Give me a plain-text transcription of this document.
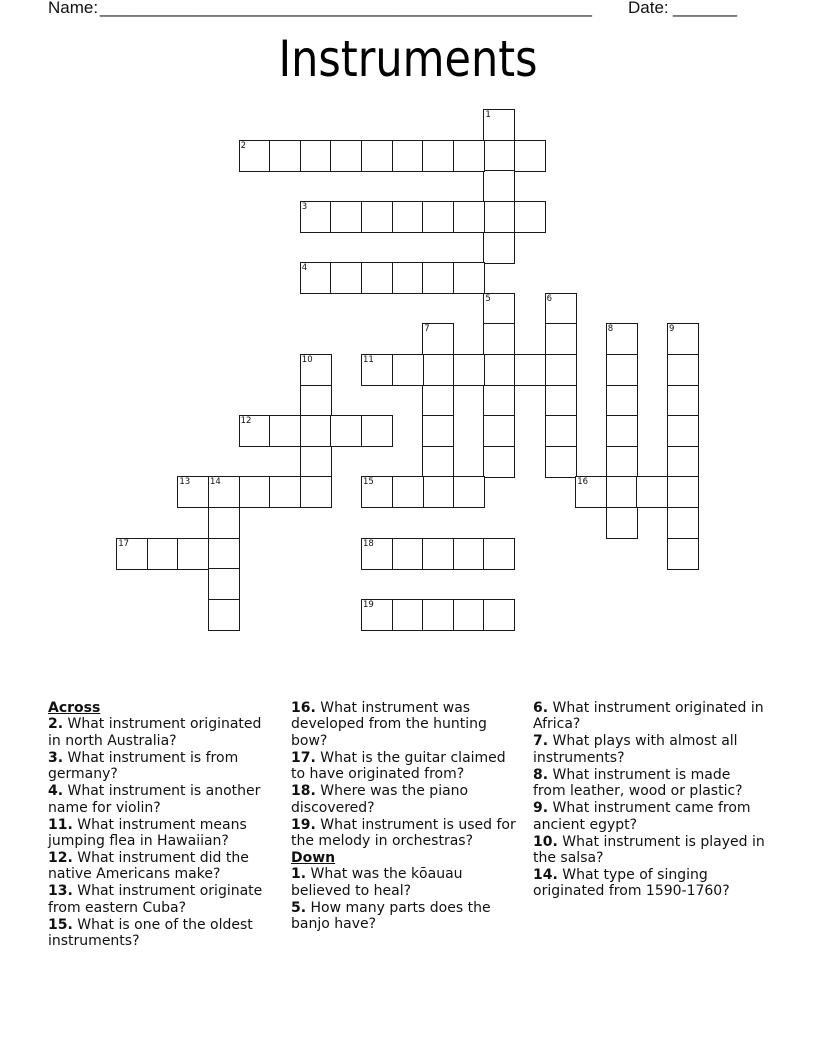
Name: ______________________________________________________ Date: _______
Instruments
1
2
3
4
5	6
7	8	9
10	11
12
13 14	15	16
17	18
19
Across
2. What instrument originated in north Australia?
3. What instrument is from germany?
4. What instrument is another name for violin?
11. What instrument means jumping flea in Hawaiian?
12. What instrument did the native Americans make?
13. What instrument originate from eastern Cuba?
15. What is one of the oldest instruments?
16. What instrument was developed from the hunting bow?
17. What is the guitar claimed to have originated from?
18. Where was the piano discovered?
19. What instrument is used for the melody in orchestras?
Down
1. What was the kōauau believed to heal?
5. How many parts does the banjo have?
6. What instrument originated in Africa?
7. What plays with almost all instruments?
8. What instrument is made from leather, wood or plastic?
9. What instrument came from ancient egypt?
10. What instrument is played in the salsa?
14. What type of singing originated from 1590-1760?
